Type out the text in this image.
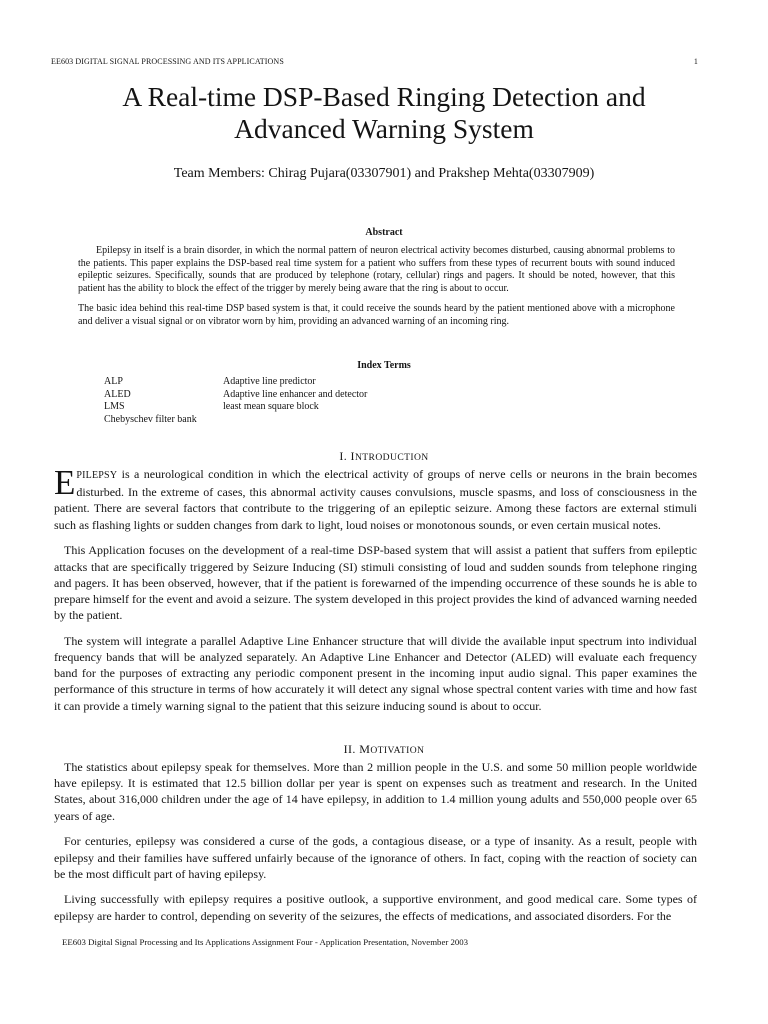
EE603 DIGITAL SIGNAL PROCESSING AND ITS APPLICATIONS	1
A Real-time DSP-Based Ringing Detection and
Advanced Warning System
Team Members: Chirag Pujara(03307901) and Prakshep Mehta(03307909)
Abstract

Epilepsy in itself is a brain disorder, in which the normal pattern of neuron electrical activity becomes disturbed, causing abnormal problems to the patients. This paper explains the DSP-based real time system for a patient who suffers from these types of recurrent bouts with sound induced epileptic seizures. Specifically, sounds that are produced by telephone (rotary, cellular) rings and pagers. It should be noted, however, that this patient has the ability to block the effect of the trigger by merely being aware that the ring is about to occur.

The basic idea behind this real-time DSP based system is that, it could receive the sounds heard by the patient mentioned above with a microphone and deliver a visual signal or on vibrator worn by him, providing an advanced warning of an incoming ring.

Index Terms
ALP	Adaptive line predictor
ALED	Adaptive line enhancer and detector
LMS	least mean square block
Chebyschev filter bank
I. INTRODUCTION

EPILEPSY is a neurological condition in which the electrical activity of groups of nerve cells or neurons in the brain becomes disturbed. In the extreme of cases, this abnormal activity causes convulsions, muscle spasms, and loss of consciousness in the patient. There are several factors that contribute to the triggering of an epileptic seizure. Among these factors are external stimuli such as flashing lights or sudden changes from dark to light, loud noises or monotonous sounds, or even certain musical notes.

This Application focuses on the development of a real-time DSP-based system that will assist a patient that suffers from epileptic attacks that are specifically triggered by Seizure Inducing (SI) stimuli consisting of loud and sudden sounds from telephone ringing and pagers. It has been observed, however, that if the patient is forewarned of the impending occurrence of these sounds he is able to prepare himself for the event and avoid a seizure. The system developed in this project provides the kind of advanced warning needed by the patient.

The system will integrate a parallel Adaptive Line Enhancer structure that will divide the available input spectrum into individual frequency bands that will be analyzed separately. An Adaptive Line Enhancer and Detector (ALED) will evaluate each frequency band for the purposes of extracting any periodic component present in the incoming input audio signal. This paper examines the performance of this structure in terms of how accurately it will detect any signal whose spectral content varies with time and how fast it can provide a timely warning signal to the patient that this seizure inducing sound is about to occur.

II. MOTIVATION

The statistics about epilepsy speak for themselves. More than 2 million people in the U.S. and some 50 million people worldwide have epilepsy. It is estimated that 12.5 billion dollar per year is spent on expenses such as treatment and research. In the United States, about 316,000 children under the age of 14 have epilepsy, in addition to 1.4 million young adults and 550,000 people over 65 years of age.

For centuries, epilepsy was considered a curse of the gods, a contagious disease, or a type of insanity. As a result, people with epilepsy and their families have suffered unfairly because of the ignorance of others. In fact, coping with the reaction of society can be the most difficult part of having epilepsy.

Living successfully with epilepsy requires a positive outlook, a supportive environment, and good medical care. Some types of epilepsy are harder to control, depending on severity of the seizures, the effects of medications, and associated disorders. For the

EE603 Digital Signal Processing and Its Applications Assignment Four - Application Presentation, November 2003
